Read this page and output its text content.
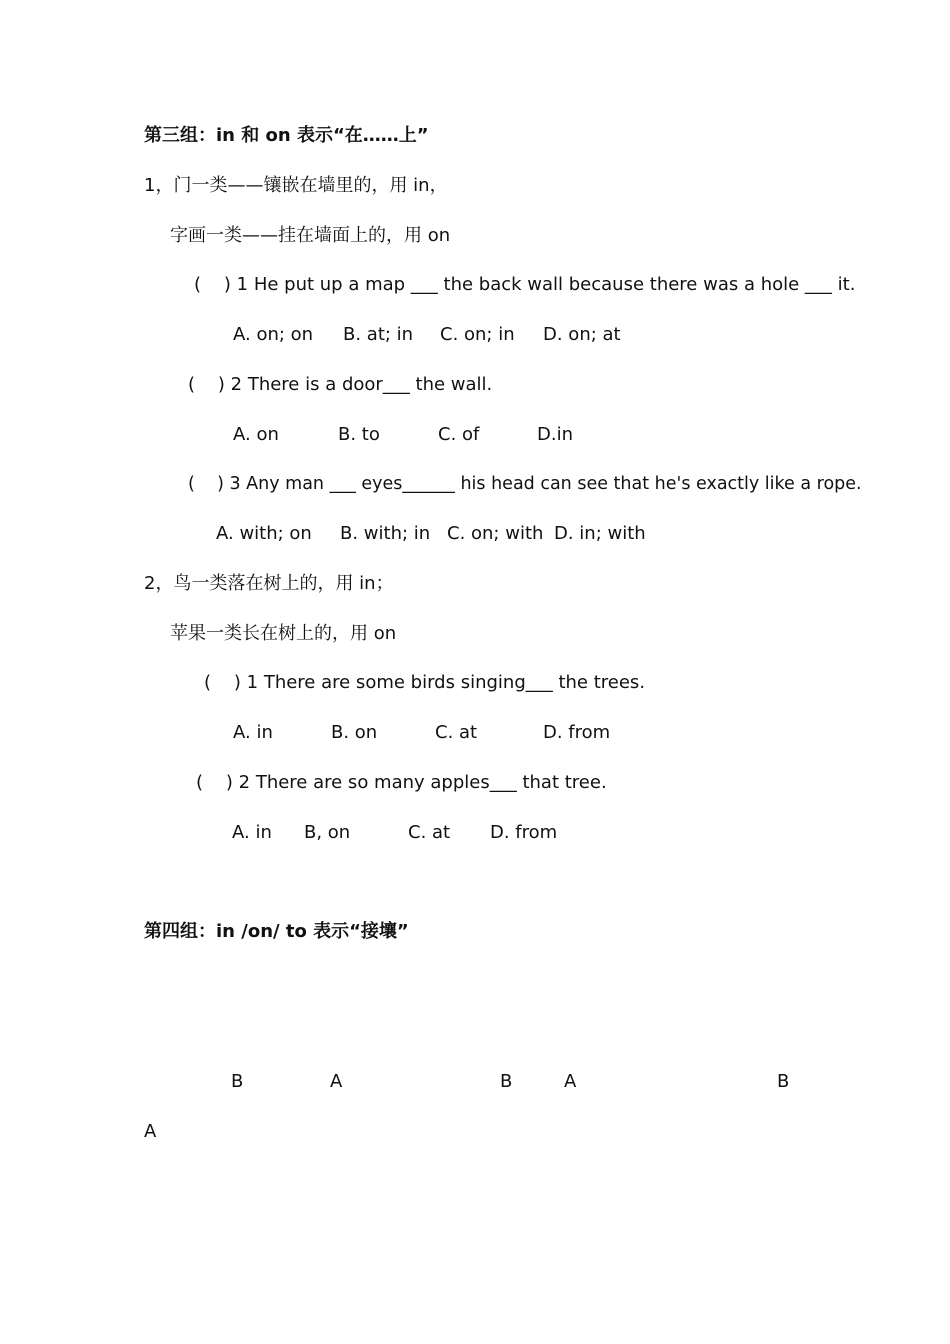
第三组：in 和 on 表示“在……上”
1，门一类——镶嵌在墙里的，用 in，
字画一类——挂在墙面上的，用 on
(    ) 1 He put up a map ___ the back wall because there was a hole ___ it.
A. on; on B. at; in C. on; in D. on; at
(    ) 2 There is a door___ the wall.
A. on	B. to	C. of	D.in
(    ) 3 Any man ___ eyes______ his head can see that he's exactly like a rope.
A. with; on B. with; in C. on; with D. in; with
2，鸟一类落在树上的，用 in；
苹果一类长在树上的，用 on
(    ) 1 There are some birds singing___ the trees.
A. in	B. on	C. at	D. from
(    ) 2 There are so many apples___ that tree.
A. in B, on	C. at D. from
第四组：in /on/ to 表示“接壤”
B	A	B	A	B
A
